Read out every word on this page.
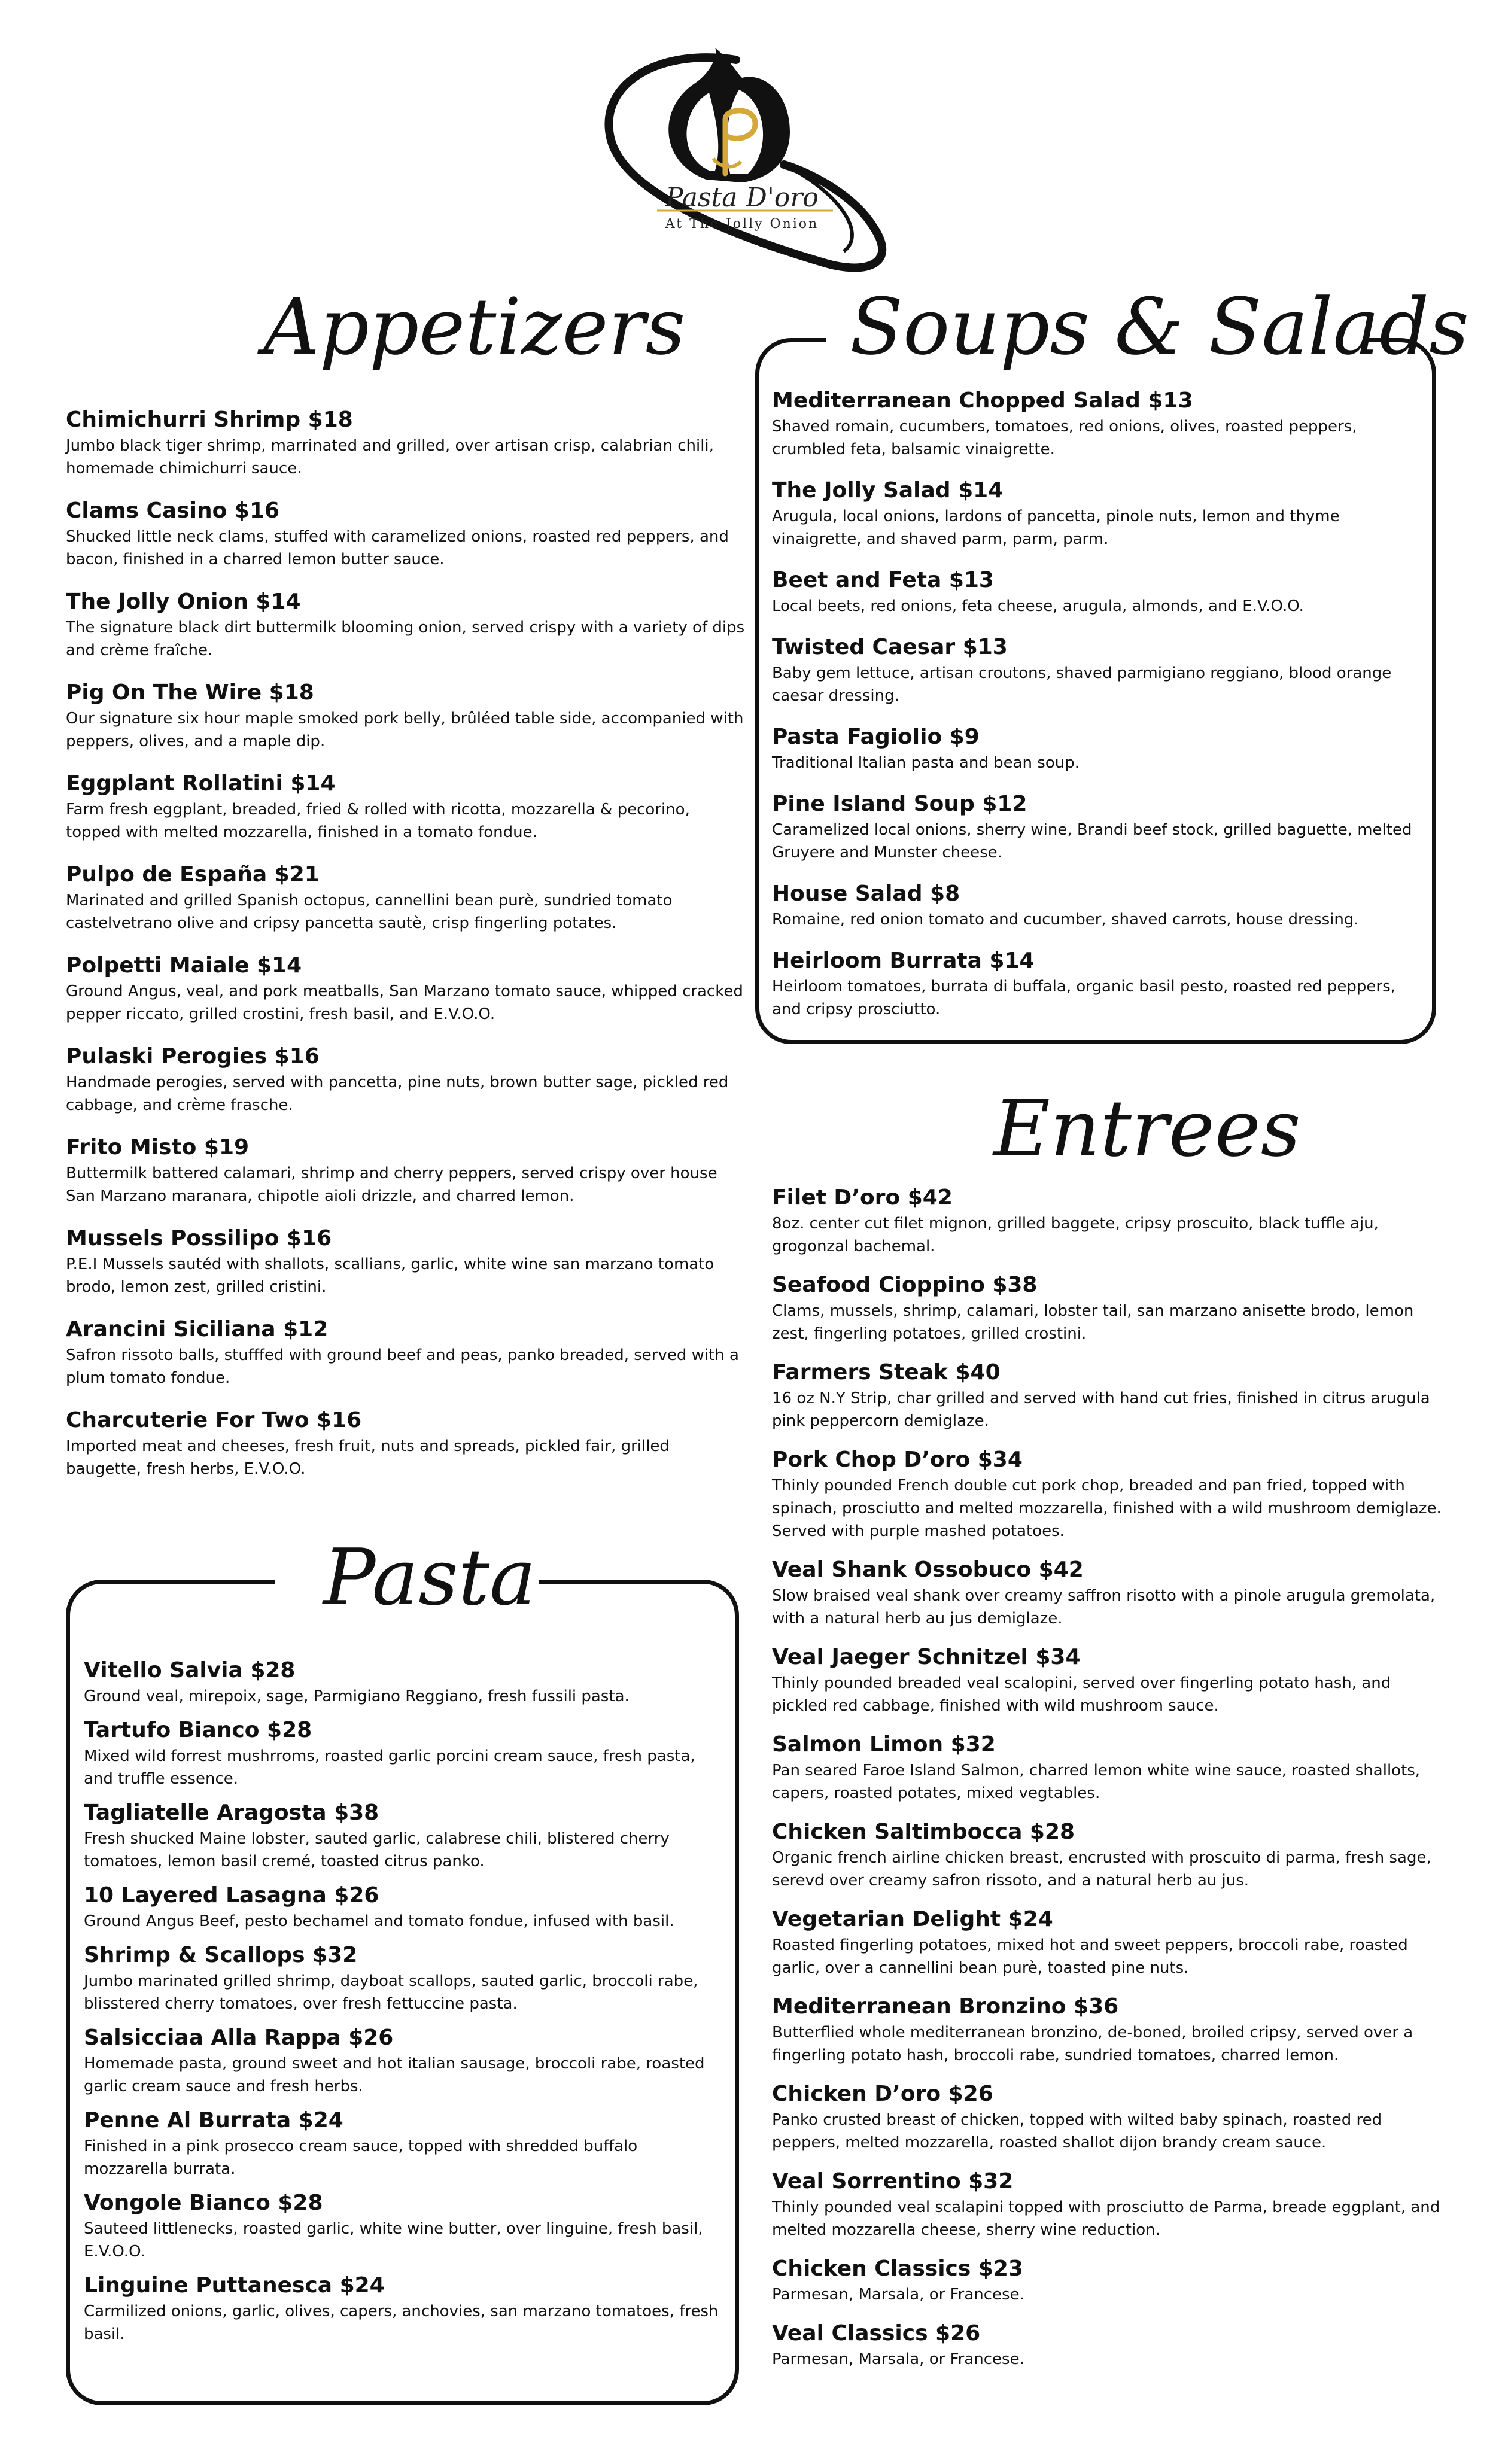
Pasta D'oro
At The Jolly Onion
Appetizers
Chimichurri Shrimp $18
Jumbo black tiger shrimp, marrinated and grilled, over artisan crisp, calabrian chili, homemade chimichurri sauce.
Clams Casino $16
Shucked little neck clams, stuffed with caramelized onions, roasted red peppers, and bacon, finished in a charred lemon butter sauce.
The Jolly Onion $14
The signature black dirt buttermilk blooming onion, served crispy with a variety of dips and crème fraîche.
Pig On The Wire $18
Our signature six hour maple smoked pork belly, brûléed table side, accompanied with peppers, olives, and a maple dip.
Eggplant Rollatini $14
Farm fresh eggplant, breaded, fried & rolled with ricotta, mozzarella & pecorino, topped with melted mozzarella, finished in a tomato fondue.
Pulpo de España $21
Marinated and grilled Spanish octopus, cannellini bean purè, sundried tomato castelvetrano olive and cripsy pancetta sautè, crisp fingerling potates.
Polpetti Maiale $14
Ground Angus, veal, and pork meatballs, San Marzano tomato sauce, whipped cracked pepper riccato, grilled crostini, fresh basil, and E.V.O.O.
Pulaski Perogies $16
Handmade perogies, served with pancetta, pine nuts, brown butter sage, pickled red cabbage, and crème frasche.
Frito Misto $19
Buttermilk battered calamari, shrimp and cherry peppers, served crispy over house San Marzano maranara, chipotle aioli drizzle, and charred lemon.
Mussels Possilipo $16
P.E.I Mussels sautéd with shallots, scallians, garlic, white wine san marzano tomato brodo, lemon zest, grilled cristini.
Arancini Siciliana $12
Safron rissoto balls, stufffed with ground beef and peas, panko breaded, served with a plum tomato fondue.
Charcuterie For Two $16
Imported meat and cheeses, fresh fruit, nuts and spreads, pickled fair, grilled baugette, fresh herbs, E.V.O.O.
Soups & Salads
Mediterranean Chopped Salad $13
Shaved romain, cucumbers, tomatoes, red onions, olives, roasted peppers, crumbled feta, balsamic vinaigrette.
The Jolly Salad $14
Arugula, local onions, lardons of pancetta, pinole nuts, lemon and thyme vinaigrette, and shaved parm, parm, parm.
Beet and Feta $13
Local beets, red onions, feta cheese, arugula, almonds, and E.V.O.O.
Twisted Caesar $13
Baby gem lettuce, artisan croutons, shaved parmigiano reggiano, blood orange caesar dressing.
Pasta Fagiolio $9
Traditional Italian pasta and bean soup.
Pine Island Soup $12
Caramelized local onions, sherry wine, Brandi beef stock, grilled baguette, melted Gruyere and Munster cheese.
House Salad $8
Romaine, red onion tomato and cucumber, shaved carrots, house dressing.
Heirloom Burrata $14
Heirloom tomatoes, burrata di buffala, organic basil pesto, roasted red peppers, and cripsy prosciutto.
Entrees
Filet D’oro $42
8oz. center cut filet mignon, grilled baggete, cripsy proscuito, black tuffle aju, grogonzal bachemal.
Seafood Cioppino $38
Clams, mussels, shrimp, calamari, lobster tail, san marzano anisette brodo, lemon zest, fingerling potatoes, grilled crostini.
Farmers Steak $40
16 oz N.Y Strip, char grilled and served with hand cut fries, finished in citrus arugula pink peppercorn demiglaze.
Pork Chop D’oro $34
Thinly pounded French double cut pork chop, breaded and pan fried, topped with spinach, prosciutto and melted mozzarella, finished with a wild mushroom demiglaze. Served with purple mashed potatoes.
Veal Shank Ossobuco $42
Slow braised veal shank over creamy saffron risotto with a pinole arugula gremolata, with a natural herb au jus demiglaze.
Veal Jaeger Schnitzel $34
Thinly pounded breaded veal scalopini, served over fingerling potato hash, and pickled red cabbage, finished with wild mushroom sauce.
Salmon Limon $32
Pan seared Faroe Island Salmon, charred lemon white wine sauce, roasted shallots, capers, roasted potates, mixed vegtables.
Chicken Saltimbocca $28
Organic french airline chicken breast, encrusted with proscuito di parma, fresh sage, serevd over creamy safron rissoto, and a natural herb au jus.
Vegetarian Delight $24
Roasted fingerling potatoes, mixed hot and sweet peppers, broccoli rabe, roasted garlic, over a cannellini bean purè, toasted pine nuts.
Mediterranean Bronzino $36
Butterflied whole mediterranean bronzino, de-boned, broiled cripsy, served over a fingerling potato hash, broccoli rabe, sundried tomatoes, charred lemon.
Chicken D’oro $26
Panko crusted breast of chicken, topped with wilted baby spinach, roasted red peppers, melted mozzarella, roasted shallot dijon brandy cream sauce.
Veal Sorrentino $32
Thinly pounded veal scalapini topped with prosciutto de Parma, breade eggplant, and melted mozzarella cheese, sherry wine reduction.
Chicken Classics $23
Parmesan, Marsala, or Francese.
Veal Classics $26
Parmesan, Marsala, or Francese.
Pasta
Vitello Salvia $28
Ground veal, mirepoix, sage, Parmigiano Reggiano, fresh fussili pasta.
Tartufo Bianco $28
Mixed wild forrest mushrroms, roasted garlic porcini cream sauce, fresh pasta, and truffle essence.
Tagliatelle Aragosta $38
Fresh shucked Maine lobster, sauted garlic, calabrese chili, blistered cherry tomatoes, lemon basil cremé, toasted citrus panko.
10 Layered Lasagna $26
Ground Angus Beef, pesto bechamel and tomato fondue, infused with basil.
Shrimp & Scallops $32
Jumbo marinated grilled shrimp, dayboat scallops, sauted garlic, broccoli rabe, blisstered cherry tomatoes, over fresh fettuccine pasta.
Salsicciaa Alla Rappa $26
Homemade pasta, ground sweet and hot italian sausage, broccoli rabe, roasted garlic cream sauce and fresh herbs.
Penne Al Burrata $24
Finished in a pink prosecco cream sauce, topped with shredded buffalo mozzarella burrata.
Vongole Bianco $28
Sauteed littlenecks, roasted garlic, white wine butter, over linguine, fresh basil, E.V.O.O.
Linguine Puttanesca $24
Carmilized onions, garlic, olives, capers, anchovies, san marzano tomatoes, fresh basil.
